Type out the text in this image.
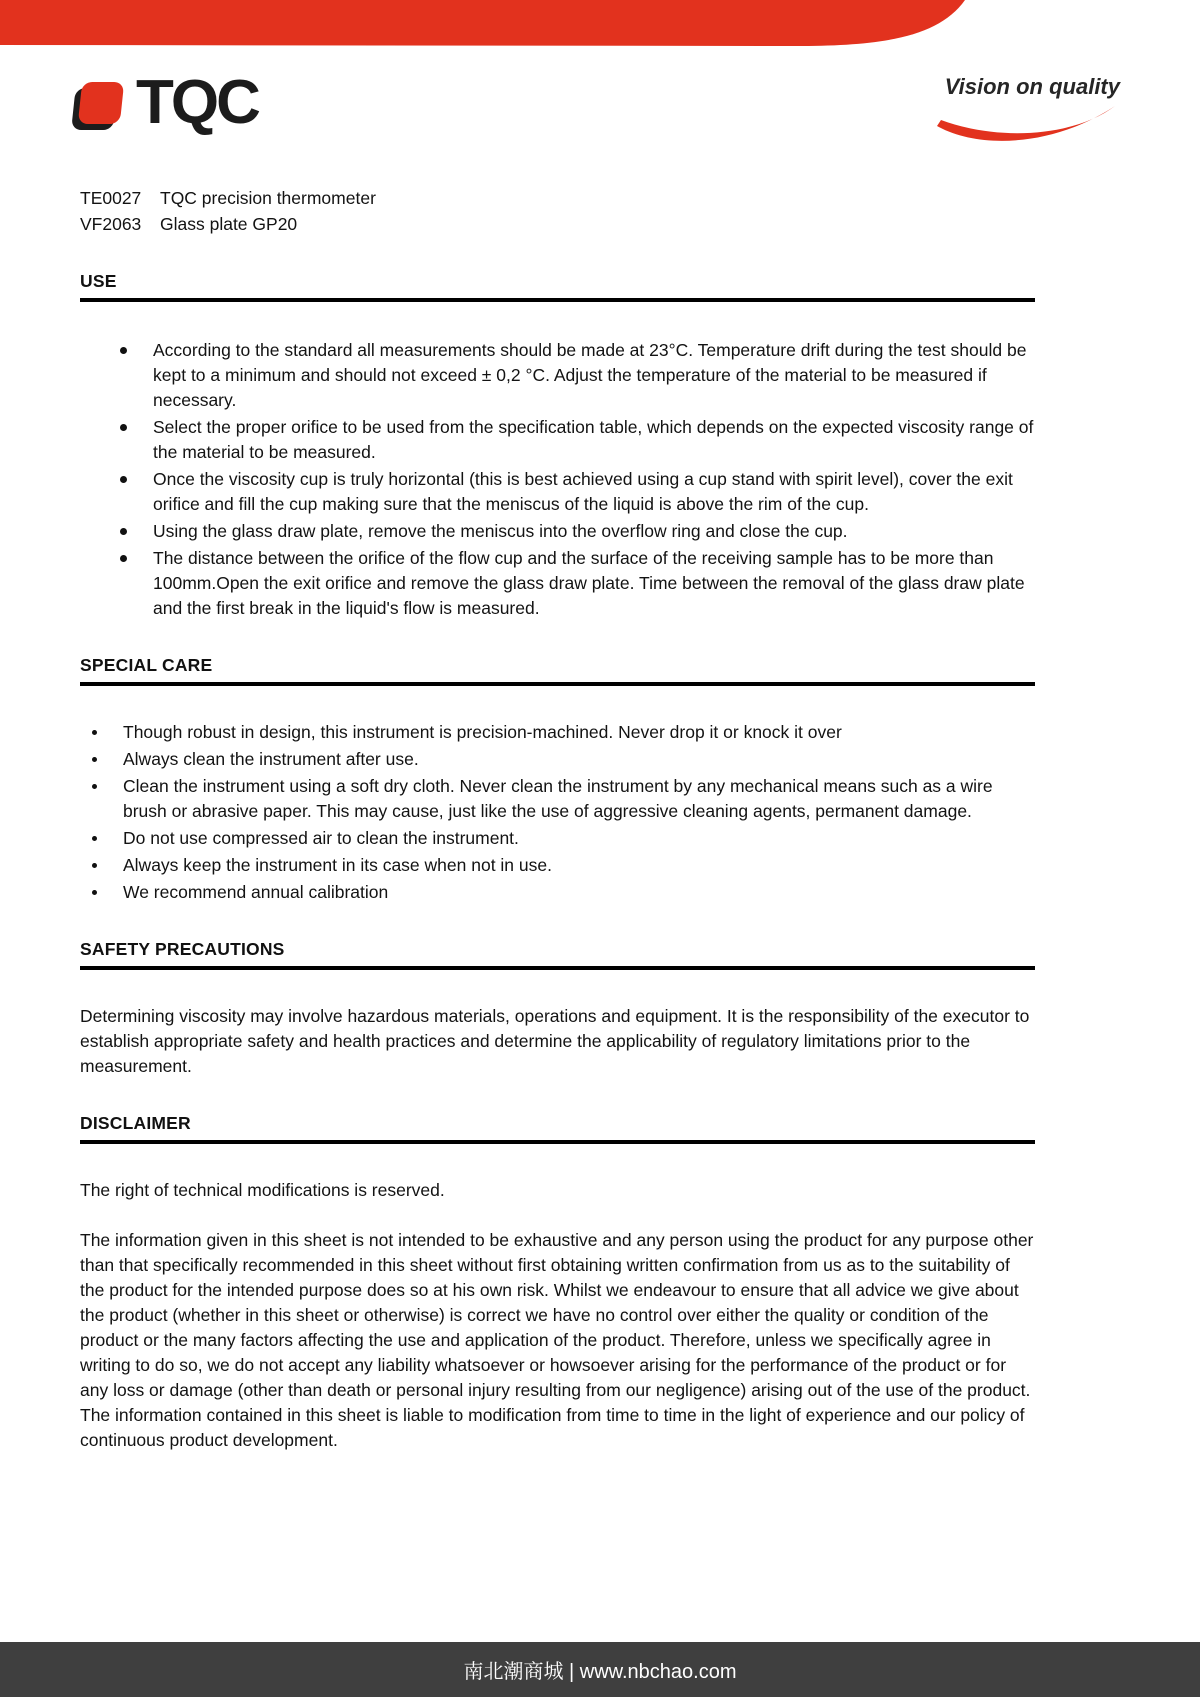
TQC	Vision on quality
TE0027 TQC precision thermometer
VF2063 Glass plate GP20
USE
According to the standard all measurements should be made at 23°C. Temperature drift during the test should be kept to a minimum and should not exceed ± 0,2 °C. Adjust the temperature of the material to be measured if necessary.
Select the proper orifice to be used from the specification table, which depends on the expected viscosity range of the material to be measured.
Once the viscosity cup is truly horizontal (this is best achieved using a cup stand with spirit level), cover the exit orifice and fill the cup making sure that the meniscus of the liquid is above the rim of the cup.
Using the glass draw plate, remove the meniscus into the overflow ring and close the cup.
The distance between the orifice of the flow cup and the surface of the receiving sample has to be more than 100mm.Open the exit orifice and remove the glass draw plate. Time between the removal of the glass draw plate and the first break in the liquid's flow is measured.
SPECIAL CARE
Though robust in design, this instrument is precision-machined. Never drop it or knock it over
Always clean the instrument after use.
Clean the instrument using a soft dry cloth. Never clean the instrument by any mechanical means such as a wire brush or abrasive paper. This may cause, just like the use of aggressive cleaning agents, permanent damage.
Do not use compressed air to clean the instrument.
Always keep the instrument in its case when not in use.
We recommend annual calibration
SAFETY PRECAUTIONS

Determining viscosity may involve hazardous materials, operations and equipment. It is the responsibility of the executor to establish appropriate safety and health practices and determine the applicability of regulatory limitations prior to the measurement.

DISCLAIMER

The right of technical modifications is reserved.

The information given in this sheet is not intended to be exhaustive and any person using the product for any purpose other than that specifically recommended in this sheet without first obtaining written confirmation from us as to the suitability of the product for the intended purpose does so at his own risk. Whilst we endeavour to ensure that all advice we give about the product (whether in this sheet or otherwise) is correct we have no control over either the quality or condition of the product or the many factors affecting the use and application of the product. Therefore, unless we specifically agree in writing to do so, we do not accept any liability whatsoever or howsoever arising for the performance of the product or for any loss or damage (other than death or personal injury resulting from our negligence) arising out of the use of the product. The information contained in this sheet is liable to modification from time to time in the light of experience and our policy of continuous product development.

南北潮商城 | www.nbchao.com
